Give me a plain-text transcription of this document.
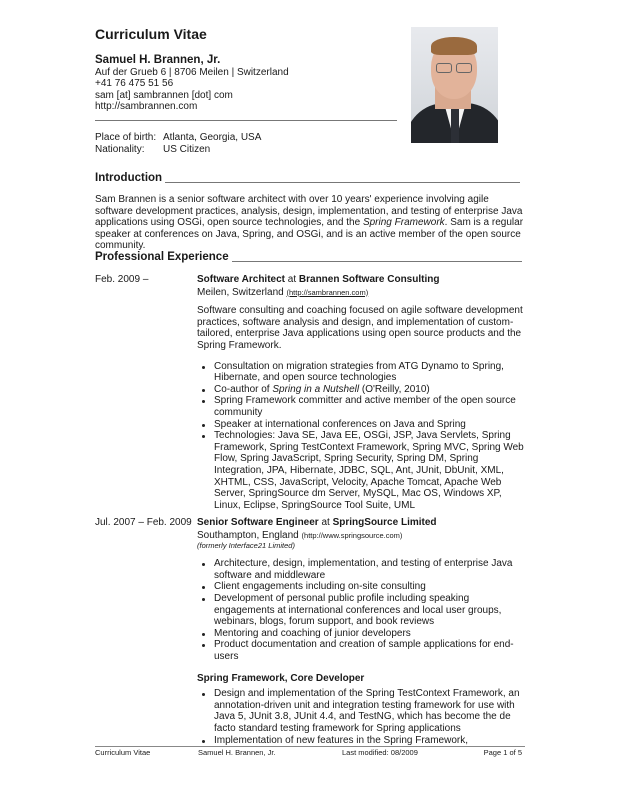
Curriculum Vitae
Samuel H. Brannen, Jr.
Auf der Grueb 6 | 8706 Meilen | Switzerland
+41 76 475 51 56
sam [at] sambrannen [dot] com
http://sambrannen.com
Place of birth: Atlanta, Georgia, USA
Nationality:	US Citizen
Introduction
Sam Brannen is a senior software architect with over 10 years' experience involving agile software development practices, analysis, design, implementation, and testing of enterprise Java applications using OSGi, open source technologies, and the Spring Framework. Sam is a regular speaker at conferences on Java, Spring, and OSGi, and is an active member of the open source community.
Professional Experience
Feb. 2009 –	Software Architect at Brannen Software Consulting
Meilen, Switzerland (http://sambrannen.com)
Software consulting and coaching focused on agile software development practices, software analysis and design, and implementation of custom-tailored, enterprise Java applications using open source products and the Spring Framework.
Consultation on migration strategies from ATG Dynamo to Spring, Hibernate, and open source technologies
Co-author of Spring in a Nutshell (O'Reilly, 2010)
Spring Framework committer and active member of the open source community
Speaker at international conferences on Java and Spring
Technologies: Java SE, Java EE, OSGi, JSP, Java Servlets, Spring Framework, Spring TestContext Framework, Spring MVC, Spring Web Flow, Spring JavaScript, Spring Security, Spring DM, Spring Integration, JPA, Hibernate, JDBC, SQL, Ant, JUnit, DbUnit, XML, XHTML, CSS, JavaScript, Velocity, Apache Tomcat, Apache Web Server, SpringSource dm Server, MySQL, Mac OS, Windows XP, Linux, Eclipse, SpringSource Tool Suite, UML
Jul. 2007 – Feb. 2009 Senior Software Engineer at SpringSource Limited
Southampton, England (http://www.springsource.com)
(formerly Interface21 Limited)
Architecture, design, implementation, and testing of enterprise Java software and middleware
Client engagements including on-site consulting
Development of personal public profile including speaking engagements at international conferences and local user groups, webinars, blogs, forum support, and book reviews
Mentoring and coaching of junior developers
Product documentation and creation of sample applications for end-users
Spring Framework, Core Developer
Design and implementation of the Spring TestContext Framework, an annotation-driven unit and integration testing framework for use with Java 5, JUnit 3.8, JUnit 4.4, and TestNG, which has become the de facto standard testing framework for Spring applications
Implementation of new features in the Spring Framework,
Curriculum Vitae	Samuel H. Brannen, Jr.	Last modified: 08/2009	Page 1 of 5
